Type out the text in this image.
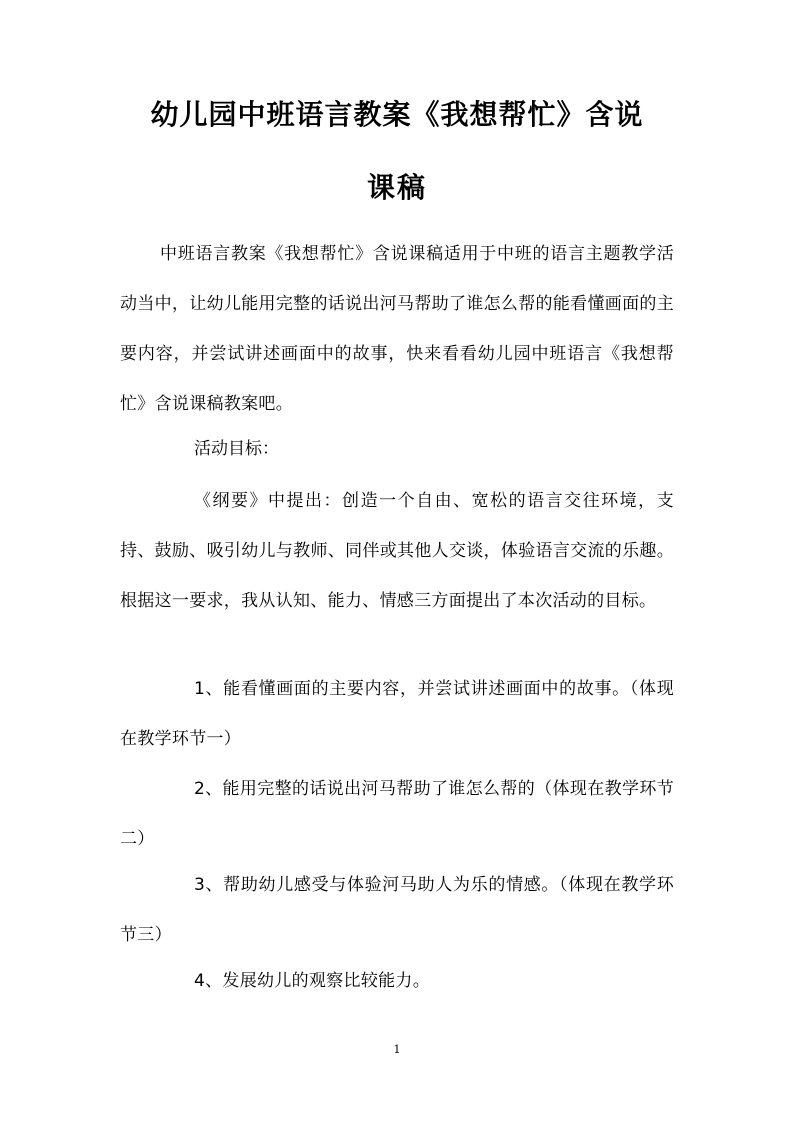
幼儿园中班语言教案《我想帮忙》含说
课稿
中班语言教案《我想帮忙》含说课稿适用于中班的语言主题教学活动当中，让幼儿能用完整的话说出河马帮助了谁怎么帮的能看懂画面的主要内容，并尝试讲述画面中的故事，快来看看幼儿园中班语言《我想帮忙》含说课稿教案吧。
活动目标：
《纲要》中提出：创造一个自由、宽松的语言交往环境，支持、鼓励、吸引幼儿与教师、同伴或其他人交谈，体验语言交流的乐趣。根据这一要求，我从认知、能力、情感三方面提出了本次活动的目标。
1、能看懂画面的主要内容，并尝试讲述画面中的故事。（体现在教学环节一）
2、能用完整的话说出河马帮助了谁怎么帮的（体现在教学环节二）
3、帮助幼儿感受与体验河马助人为乐的情感。（体现在教学环节三）
4、发展幼儿的观察比较能力。
1
